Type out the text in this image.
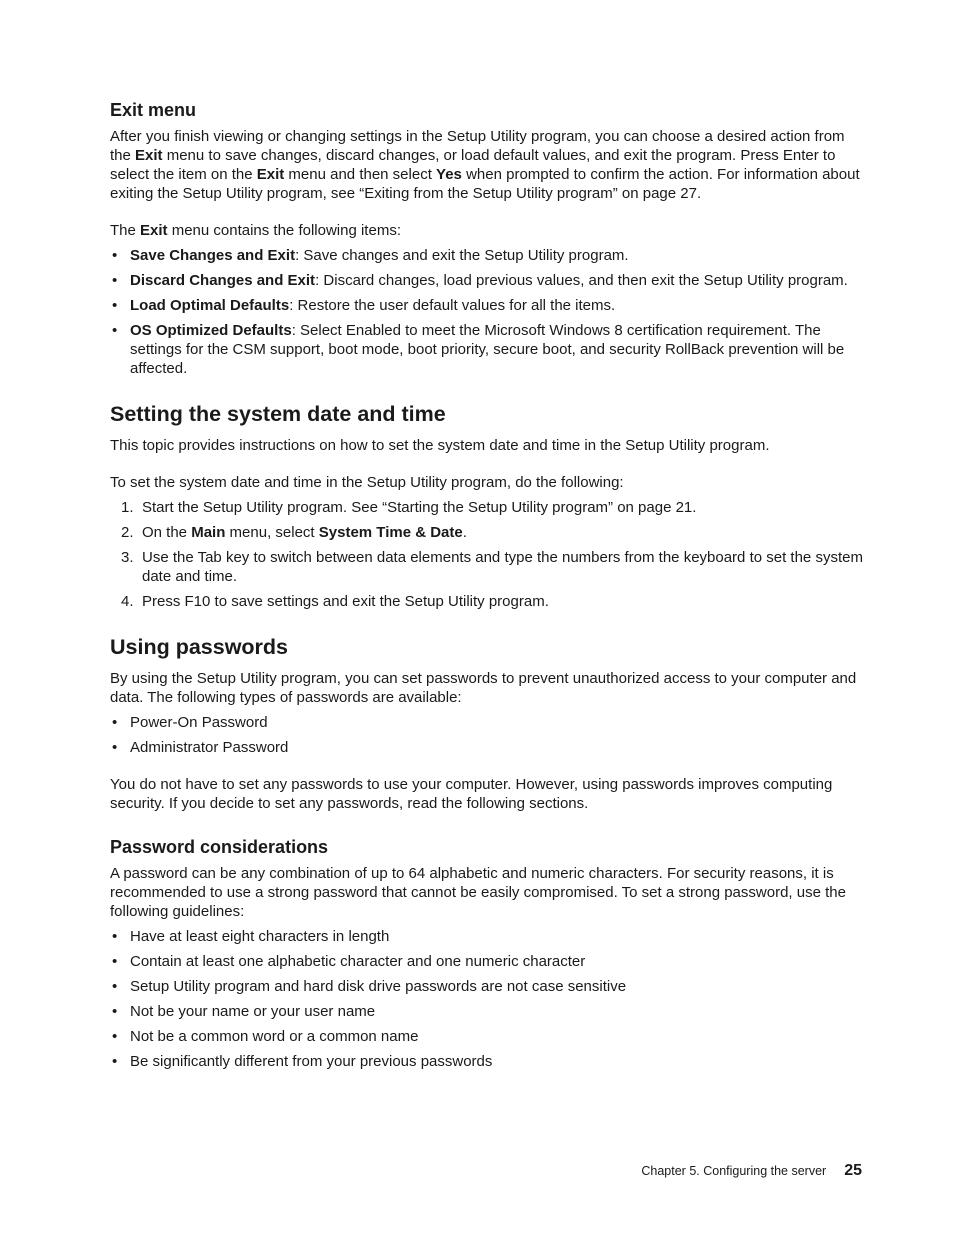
Exit menu

After you finish viewing or changing settings in the Setup Utility program, you can choose a desired action from the Exit menu to save changes, discard changes, or load default values, and exit the program. Press Enter to select the item on the Exit menu and then select Yes when prompted to confirm the action. For information about exiting the Setup Utility program, see “Exiting from the Setup Utility program” on page 27.

The Exit menu contains the following items:

• Save Changes and Exit: Save changes and exit the Setup Utility program.
• Discard Changes and Exit: Discard changes, load previous values, and then exit the Setup Utility program.
• Load Optimal Defaults: Restore the user default values for all the items.
• OS Optimized Defaults: Select Enabled to meet the Microsoft Windows 8 certification requirement. The settings for the CSM support, boot mode, boot priority, secure boot, and security RollBack prevention will be affected.
Setting the system date and time

This topic provides instructions on how to set the system date and time in the Setup Utility program.

To set the system date and time in the Setup Utility program, do the following:

1. Start the Setup Utility program. See “Starting the Setup Utility program” on page 21.
2. On the Main menu, select System Time & Date.
3. Use the Tab key to switch between data elements and type the numbers from the keyboard to set the system date and time.
4. Press F10 to save settings and exit the Setup Utility program.
Using passwords

By using the Setup Utility program, you can set passwords to prevent unauthorized access to your computer and data. The following types of passwords are available:

• Power-On Password
• Administrator Password

You do not have to set any passwords to use your computer. However, using passwords improves computing security. If you decide to set any passwords, read the following sections.

Password considerations

A password can be any combination of up to 64 alphabetic and numeric characters. For security reasons, it is recommended to use a strong password that cannot be easily compromised. To set a strong password, use the following guidelines:

• Have at least eight characters in length
• Contain at least one alphabetic character and one numeric character
• Setup Utility program and hard disk drive passwords are not case sensitive
• Not be your name or your user name
• Not be a common word or a common name
• Be significantly different from your previous passwords
Chapter 5. Configuring the server 25
